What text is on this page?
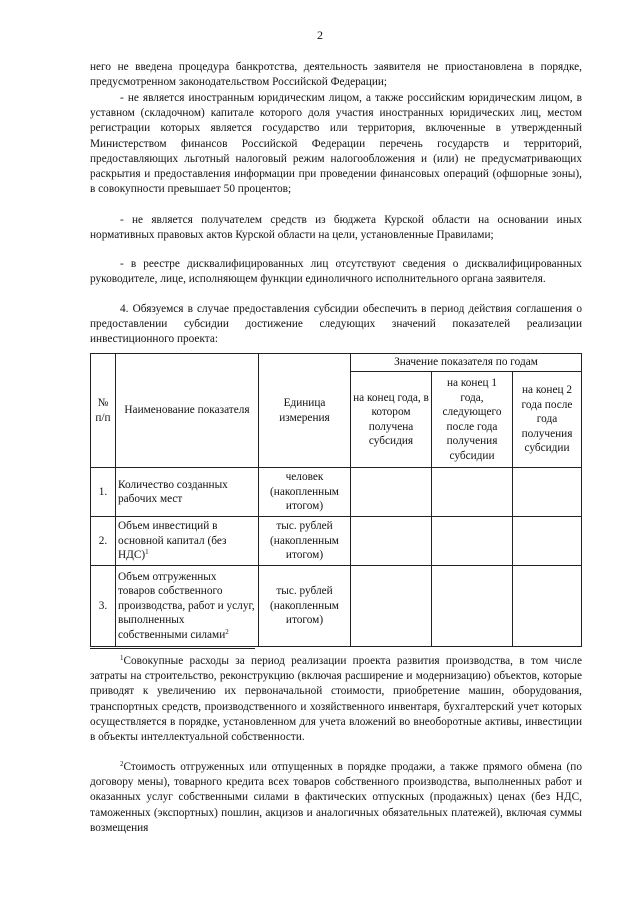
2

него не введена процедура банкротства, деятельность заявителя не приостановлена в порядке, предусмотренном законодательством Российской Федерации;

- не является иностранным юридическим лицом, а также российским юридическим лицом, в уставном (складочном) капитале которого доля участия иностранных юридических лиц, местом регистрации которых является государство или территория, включенные в утвержденный Министерством финансов Российской Федерации перечень государств и территорий, предоставляющих льготный налоговый режим налогообложения и (или) не предусматривающих раскрытия и предоставления информации при проведении финансовых операций (офшорные зоны), в совокупности превышает 50 процентов;

- не является получателем средств из бюджета Курской области на основании иных нормативных правовых актов Курской области на цели, установленные Правилами;

- в реестре дисквалифицированных лиц отсутствуют сведения о дисквалифицированных руководителе, лице, исполняющем функции единоличного исполнительного органа заявителя.

4. Обязуемся в случае предоставления субсидии обеспечить в период действия соглашения о предоставлении субсидии достижение следующих значений показателей реализации инвестиционного проекта:

№ п/п	Наименование показателя	Единица измерения	Значение показателя по годам		
			на конец года, в котором получена субсидия	на конец 1 года, следующего после года получения субсидии	на конец 2 года после года получения субсидии
1.	Количество созданных рабочих мест	человек (накопленным итогом)			
2.	Объем инвестиций в основной капитал (без НДС)$^1$	тыс. рублей (накопленным итогом)			
3.	Объем отгруженных товаров собственного производства, работ и услуг, выполненных собственными силами$^2$	тыс. рублей (накопленным итогом)			

$^1$Совокупные расходы за период реализации проекта развития производства, в том числе затраты на строительство, реконструкцию (включая расширение и модернизацию) объектов, которые приводят к увеличению их первоначальной стоимости, приобретение машин, оборудования, транспортных средств, производственного и хозяйственного инвентаря, бухгалтерский учет которых осуществляется в порядке, установленном для учета вложений во внеоборотные активы, инвестиции в объекты интеллектуальной собственности.

$^2$Стоимость отгруженных или отпущенных в порядке продажи, а также прямого обмена (по договору мены), товарного кредита всех товаров собственного производства, выполненных работ и оказанных услуг собственными силами в фактических отпускных (продажных) ценах (без НДС, таможенных (экспортных) пошлин, акцизов и аналогичных обязательных платежей), включая суммы возмещения
